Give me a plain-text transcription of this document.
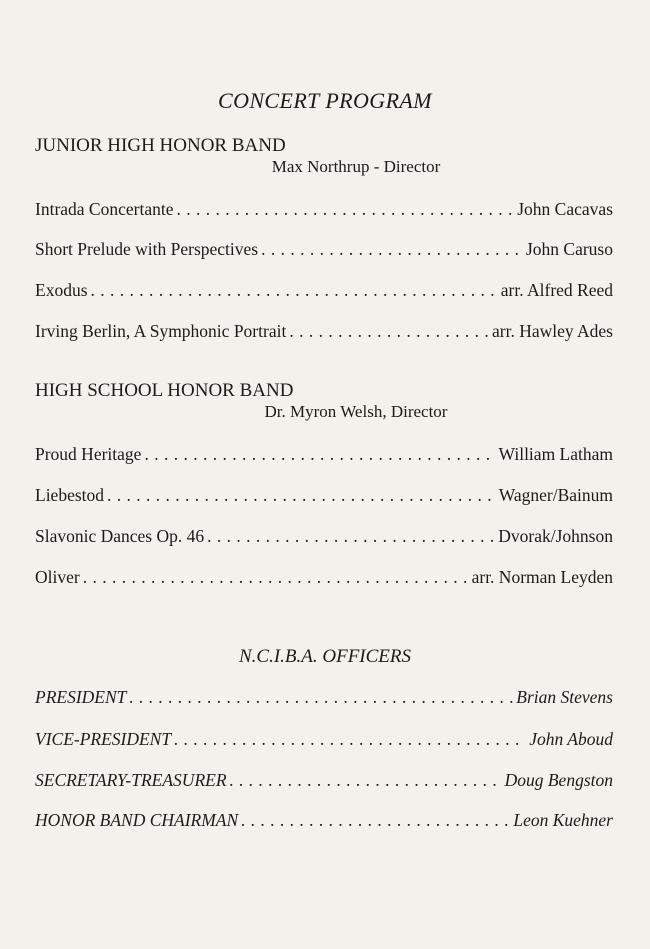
CONCERT PROGRAM
JUNIOR HIGH HONOR BAND
Max Northrup - Director
Intrada Concertante . . .	John Cacavas
Short Prelude with Perspectives . . .	John Caruso
Exodus . . .	arr. Alfred Reed
Irving Berlin, A Symphonic Portrait . . .	arr. Hawley Ades
HIGH SCHOOL HONOR BAND
Dr. Myron Welsh, Director
Proud Heritage . . .	William Latham
Liebestod . . .	Wagner/Bainum
Slavonic Dances Op. 46 . . .	Dvorak/Johnson
Oliver . . .	arr. Norman Leyden
N.C.I.B.A. OFFICERS
PRESIDENT . . .	Brian Stevens
VICE-PRESIDENT . . .	John Aboud
SECRETARY-TREASURER . . .	Doug Bengston
HONOR BAND CHAIRMAN . . .	Leon Kuehner
